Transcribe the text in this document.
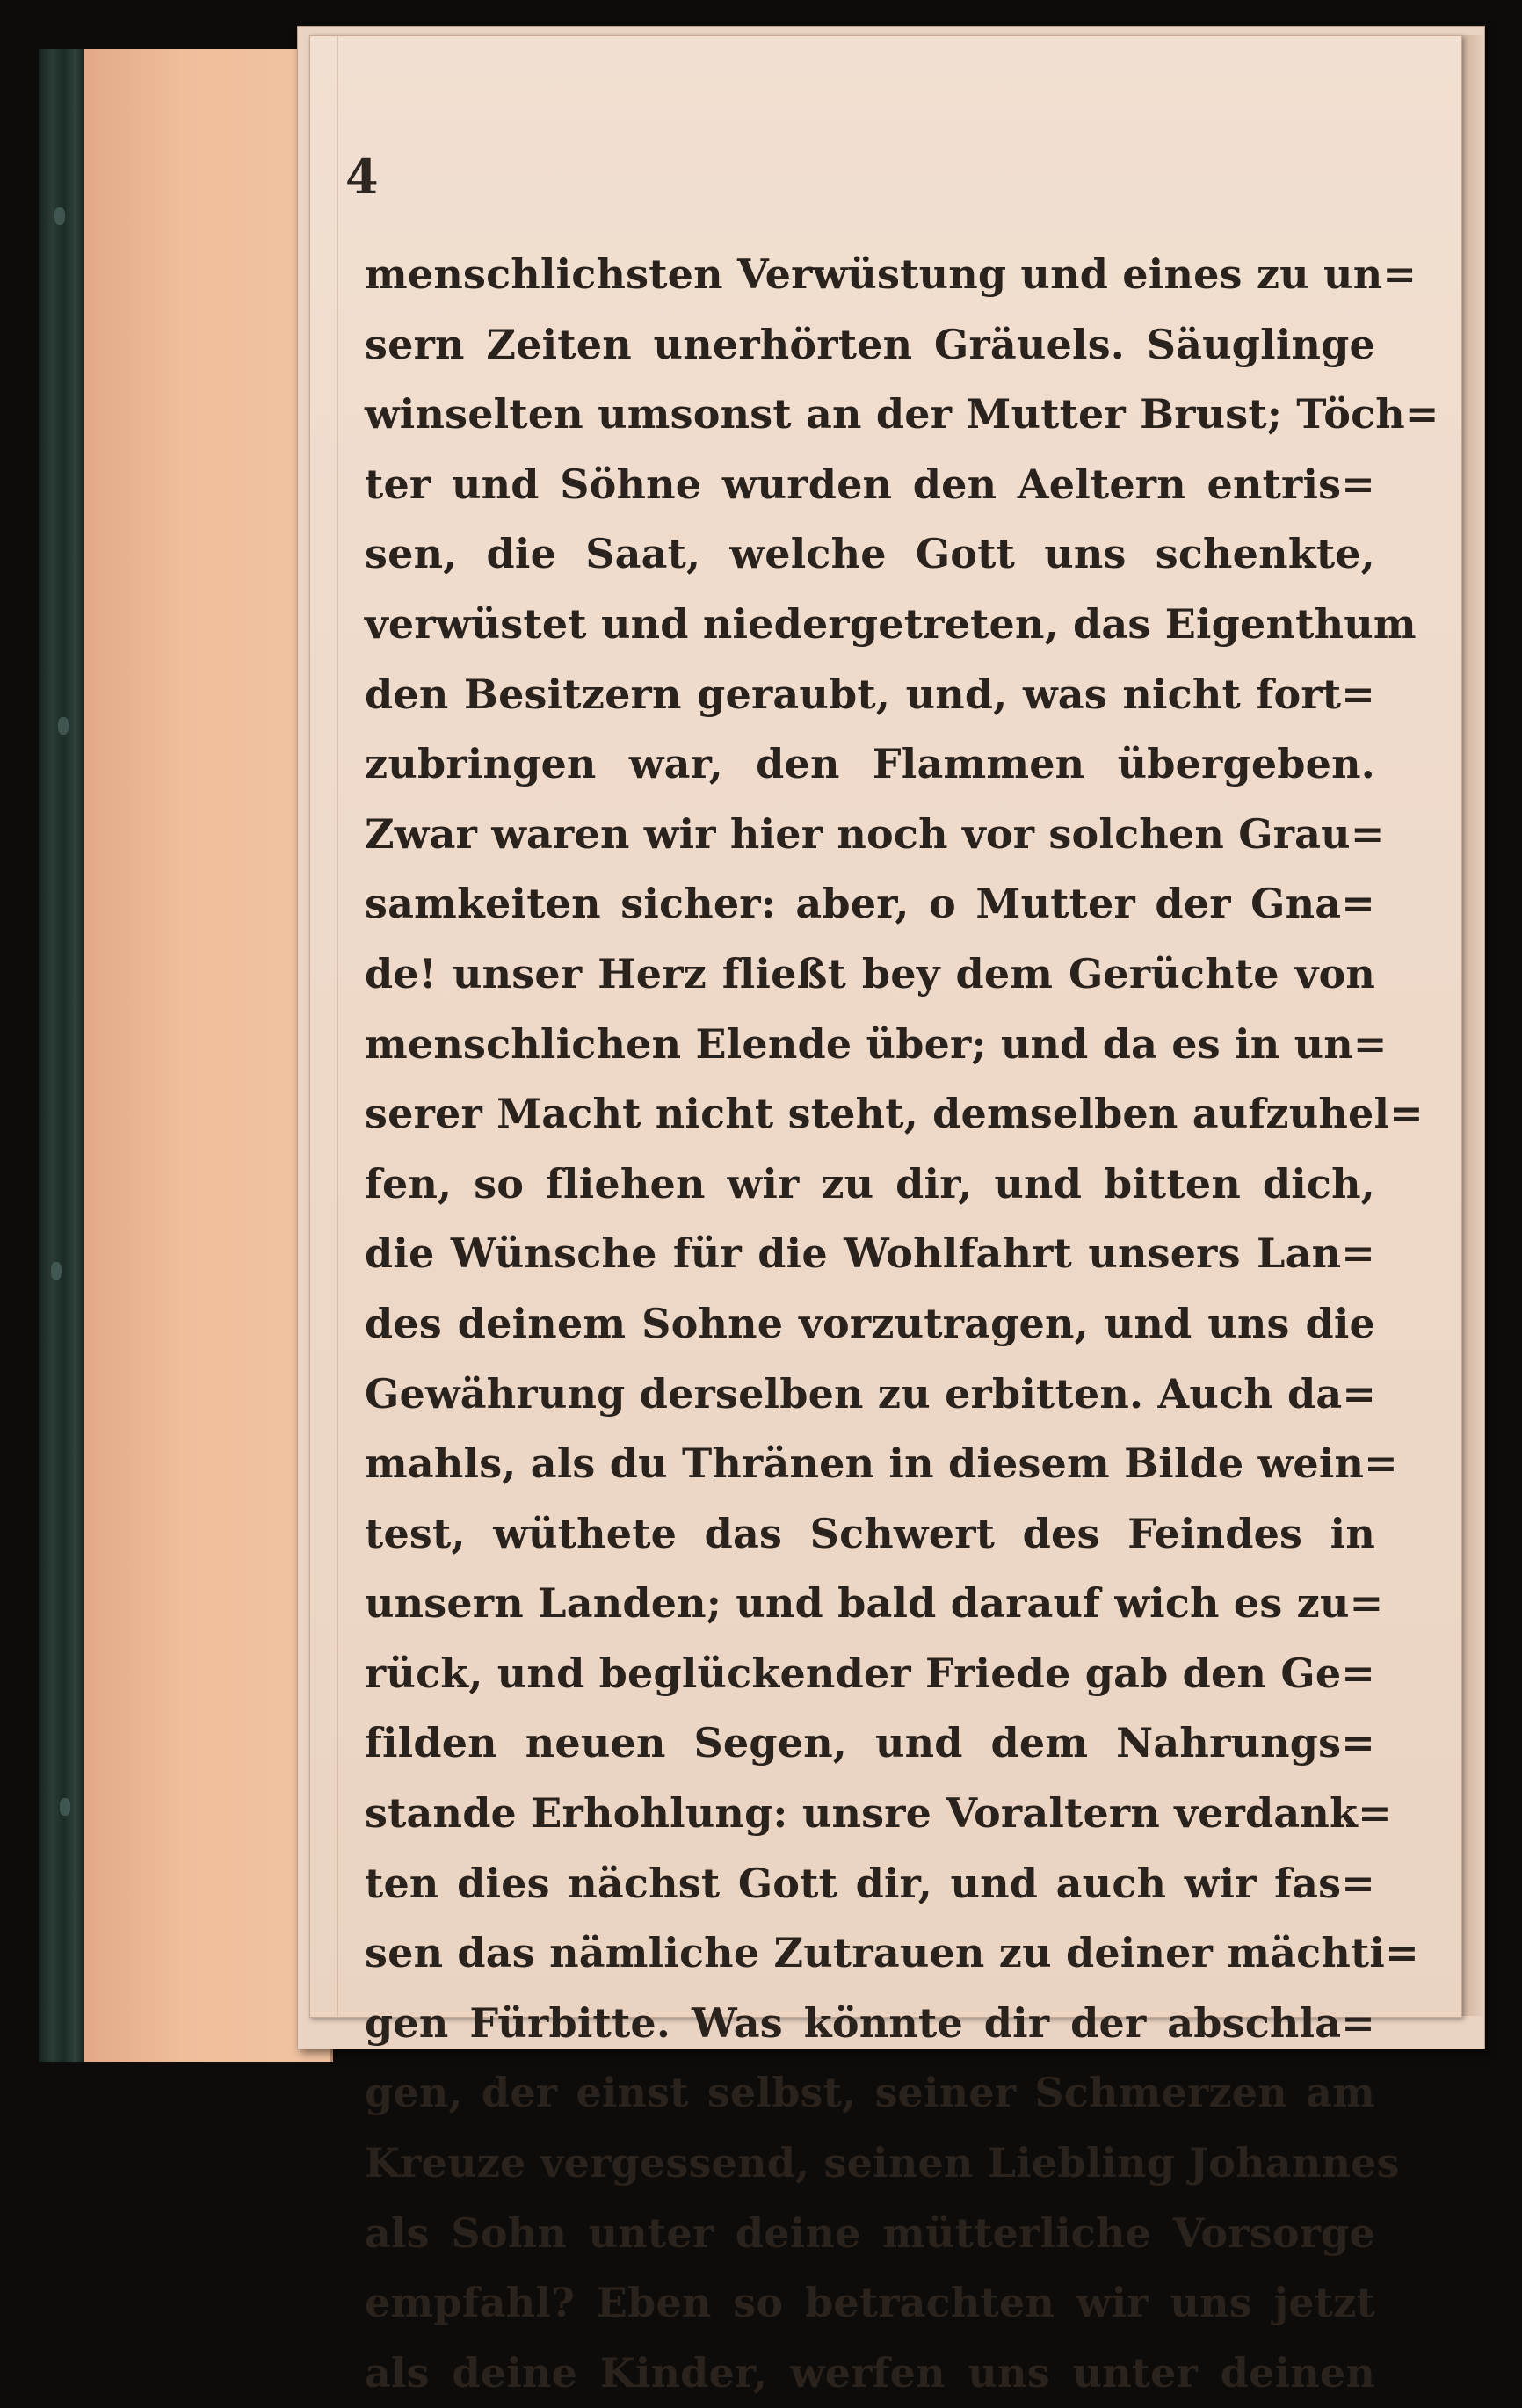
4
menschlichsten Verwüstung und eines zu un=
sern Zeiten unerhörten Gräuels. Säuglinge
winselten umsonst an der Mutter Brust; Töch=
ter und Söhne wurden den Aeltern entris=
sen, die Saat, welche Gott uns schenkte,
verwüstet und niedergetreten, das Eigenthum
den Besitzern geraubt, und, was nicht fort=
zubringen war, den Flammen übergeben.
Zwar waren wir hier noch vor solchen Grau=
samkeiten sicher: aber, o Mutter der Gna=
de! unser Herz fließt bey dem Gerüchte von
menschlichen Elende über; und da es in un=
serer Macht nicht steht, demselben aufzuhel=
fen, so fliehen wir zu dir, und bitten dich,
die Wünsche für die Wohlfahrt unsers Lan=
des deinem Sohne vorzutragen, und uns die
Gewährung derselben zu erbitten. Auch da=
mahls, als du Thränen in diesem Bilde wein=
test, wüthete das Schwert des Feindes in
unsern Landen; und bald darauf wich es zu=
rück, und beglückender Friede gab den Ge=
filden neuen Segen, und dem Nahrungs=
stande Erhohlung: unsre Voraltern verdank=
ten dies nächst Gott dir, und auch wir fas=
sen das nämliche Zutrauen zu deiner mächti=
gen Fürbitte. Was könnte dir der abschla=
gen, der einst selbst, seiner Schmerzen am
Kreuze vergessend, seinen Liebling Johannes
als Sohn unter deine mütterliche Vorsorge
empfahl? Eben so betrachten wir uns jetzt
als deine Kinder, werfen uns unter deinen
